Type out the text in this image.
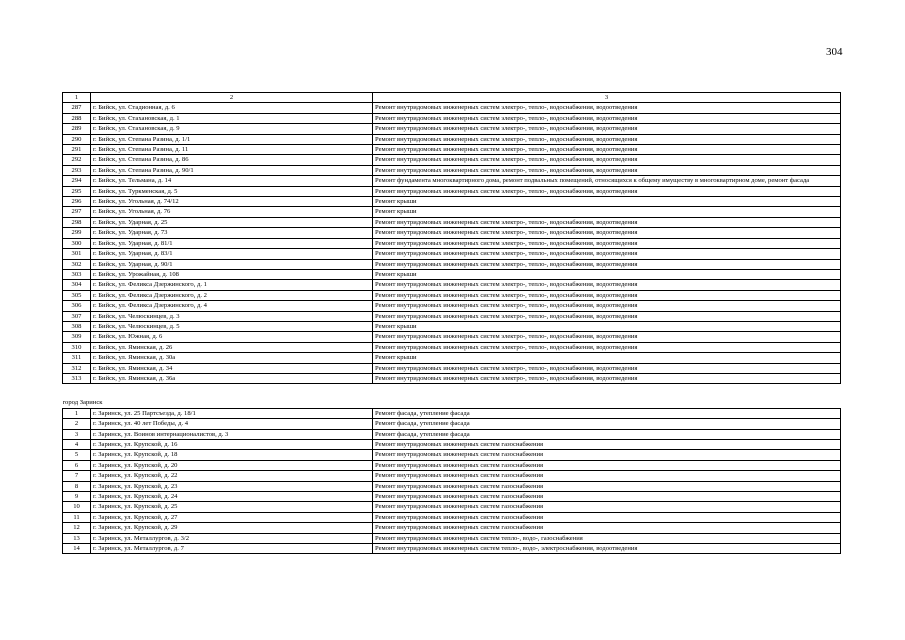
304
1	2	3
287	г. Бийск, ул. Стадионная, д. 6	Ремонт внутридомовых инженерных систем электро-, тепло-, водоснабжения, водоотведения
288	г. Бийск, ул. Стахановская, д. 1	Ремонт внутридомовых инженерных систем электро-, тепло-, водоснабжения, водоотведения
289	г. Бийск, ул. Стахановская, д. 9	Ремонт внутридомовых инженерных систем электро-, тепло-, водоснабжения, водоотведения
290	г. Бийск, ул. Степана Разина, д. 1/1	Ремонт внутридомовых инженерных систем электро-, тепло-, водоснабжения, водоотведения
291	г. Бийск, ул. Степана Разина, д. 11	Ремонт внутридомовых инженерных систем электро-, тепло-, водоснабжения, водоотведения
292	г. Бийск, ул. Степана Разина, д. 86	Ремонт внутридомовых инженерных систем электро-, тепло-, водоснабжения, водоотведения
293	г. Бийск, ул. Степана Разина, д. 90/1	Ремонт внутридомовых инженерных систем электро-, тепло-, водоснабжения, водоотведения
294	г. Бийск, ул. Тельмана, д. 14	Ремонт фундамента многоквартирного дома, ремонт подвальных помещений, относящихся к общему имуществу в многоквартирном доме, ремонт фасада
295	г. Бийск, ул. Туркменская, д. 5	Ремонт внутридомовых инженерных систем электро-, тепло-, водоснабжения, водоотведения
296	г. Бийск, ул. Угольная, д. 74/12	Ремонт крыши
297	г. Бийск, ул. Угольная, д. 76	Ремонт крыши
298	г. Бийск, ул. Ударная, д. 25	Ремонт внутридомовых инженерных систем электро-, тепло-, водоснабжения, водоотведения
299	г. Бийск, ул. Ударная, д. 73	Ремонт внутридомовых инженерных систем электро-, тепло-, водоснабжения, водоотведения
300	г. Бийск, ул. Ударная, д. 81/1	Ремонт внутридомовых инженерных систем электро-, тепло-, водоснабжения, водоотведения
301	г. Бийск, ул. Ударная, д. 83/1	Ремонт внутридомовых инженерных систем электро-, тепло-, водоснабжения, водоотведения
302	г. Бийск, ул. Ударная, д. 90/1	Ремонт внутридомовых инженерных систем электро-, тепло-, водоснабжения, водоотведения
303	г. Бийск, ул. Урожайная, д. 108	Ремонт крыши
304	г. Бийск, ул. Феликса Дзержинского, д. 1	Ремонт внутридомовых инженерных систем электро-, тепло-, водоснабжения, водоотведения
305	г. Бийск, ул. Феликса Дзержинского, д. 2	Ремонт внутридомовых инженерных систем электро-, тепло-, водоснабжения, водоотведения
306	г. Бийск, ул. Феликса Дзержинского, д. 4	Ремонт внутридомовых инженерных систем электро-, тепло-, водоснабжения, водоотведения
307	г. Бийск, ул. Челюскинцев, д. 3	Ремонт внутридомовых инженерных систем электро-, тепло-, водоснабжения, водоотведения
308	г. Бийск, ул. Челюскинцев, д. 5	Ремонт крыши
309	г. Бийск, ул. Южная, д. 6	Ремонт внутридомовых инженерных систем электро-, тепло-, водоснабжения, водоотведения
310	г. Бийск, ул. Яминская, д. 26	Ремонт внутридомовых инженерных систем электро-, тепло-, водоснабжения, водоотведения
311	г. Бийск, ул. Яминская, д. 30а	Ремонт крыши
312	г. Бийск, ул. Яминская, д. 34	Ремонт внутридомовых инженерных систем электро-, тепло-, водоснабжения, водоотведения
313	г. Бийск, ул. Яминская, д. 36а	Ремонт внутридомовых инженерных систем электро-, тепло-, водоснабжения, водоотведения

город Заринск		
1	г. Заринск, ул. 25 Партсъезда, д. 18/1	Ремонт фасада, утепление фасада
2	г. Заринск, ул. 40 лет Победы, д. 4	Ремонт фасада, утепление фасада
3	г. Заринск, ул. Воинов интернационалистов, д. 3	Ремонт фасада, утепление фасада
4	г. Заринск, ул. Крупской, д. 16	Ремонт внутридомовых инженерных систем газоснабжения
5	г. Заринск, ул. Крупской, д. 18	Ремонт внутридомовых инженерных систем газоснабжения
6	г. Заринск, ул. Крупской, д. 20	Ремонт внутридомовых инженерных систем газоснабжения
7	г. Заринск, ул. Крупской, д. 22	Ремонт внутридомовых инженерных систем газоснабжения
8	г. Заринск, ул. Крупской, д. 23	Ремонт внутридомовых инженерных систем газоснабжения
9	г. Заринск, ул. Крупской, д. 24	Ремонт внутридомовых инженерных систем газоснабжения
10	г. Заринск, ул. Крупской, д. 25	Ремонт внутридомовых инженерных систем газоснабжения
11	г. Заринск, ул. Крупской, д. 27	Ремонт внутридомовых инженерных систем газоснабжения
12	г. Заринск, ул. Крупской, д. 29	Ремонт внутридомовых инженерных систем газоснабжения
13	г. Заринск, ул. Металлургов, д. 3/2	Ремонт внутридомовых инженерных систем тепло-, водо-, газоснабжения
14	г. Заринск, ул. Металлургов, д. 7	Ремонт внутридомовых инженерных систем тепло-, водо-, электроснабжения, водоотведения
